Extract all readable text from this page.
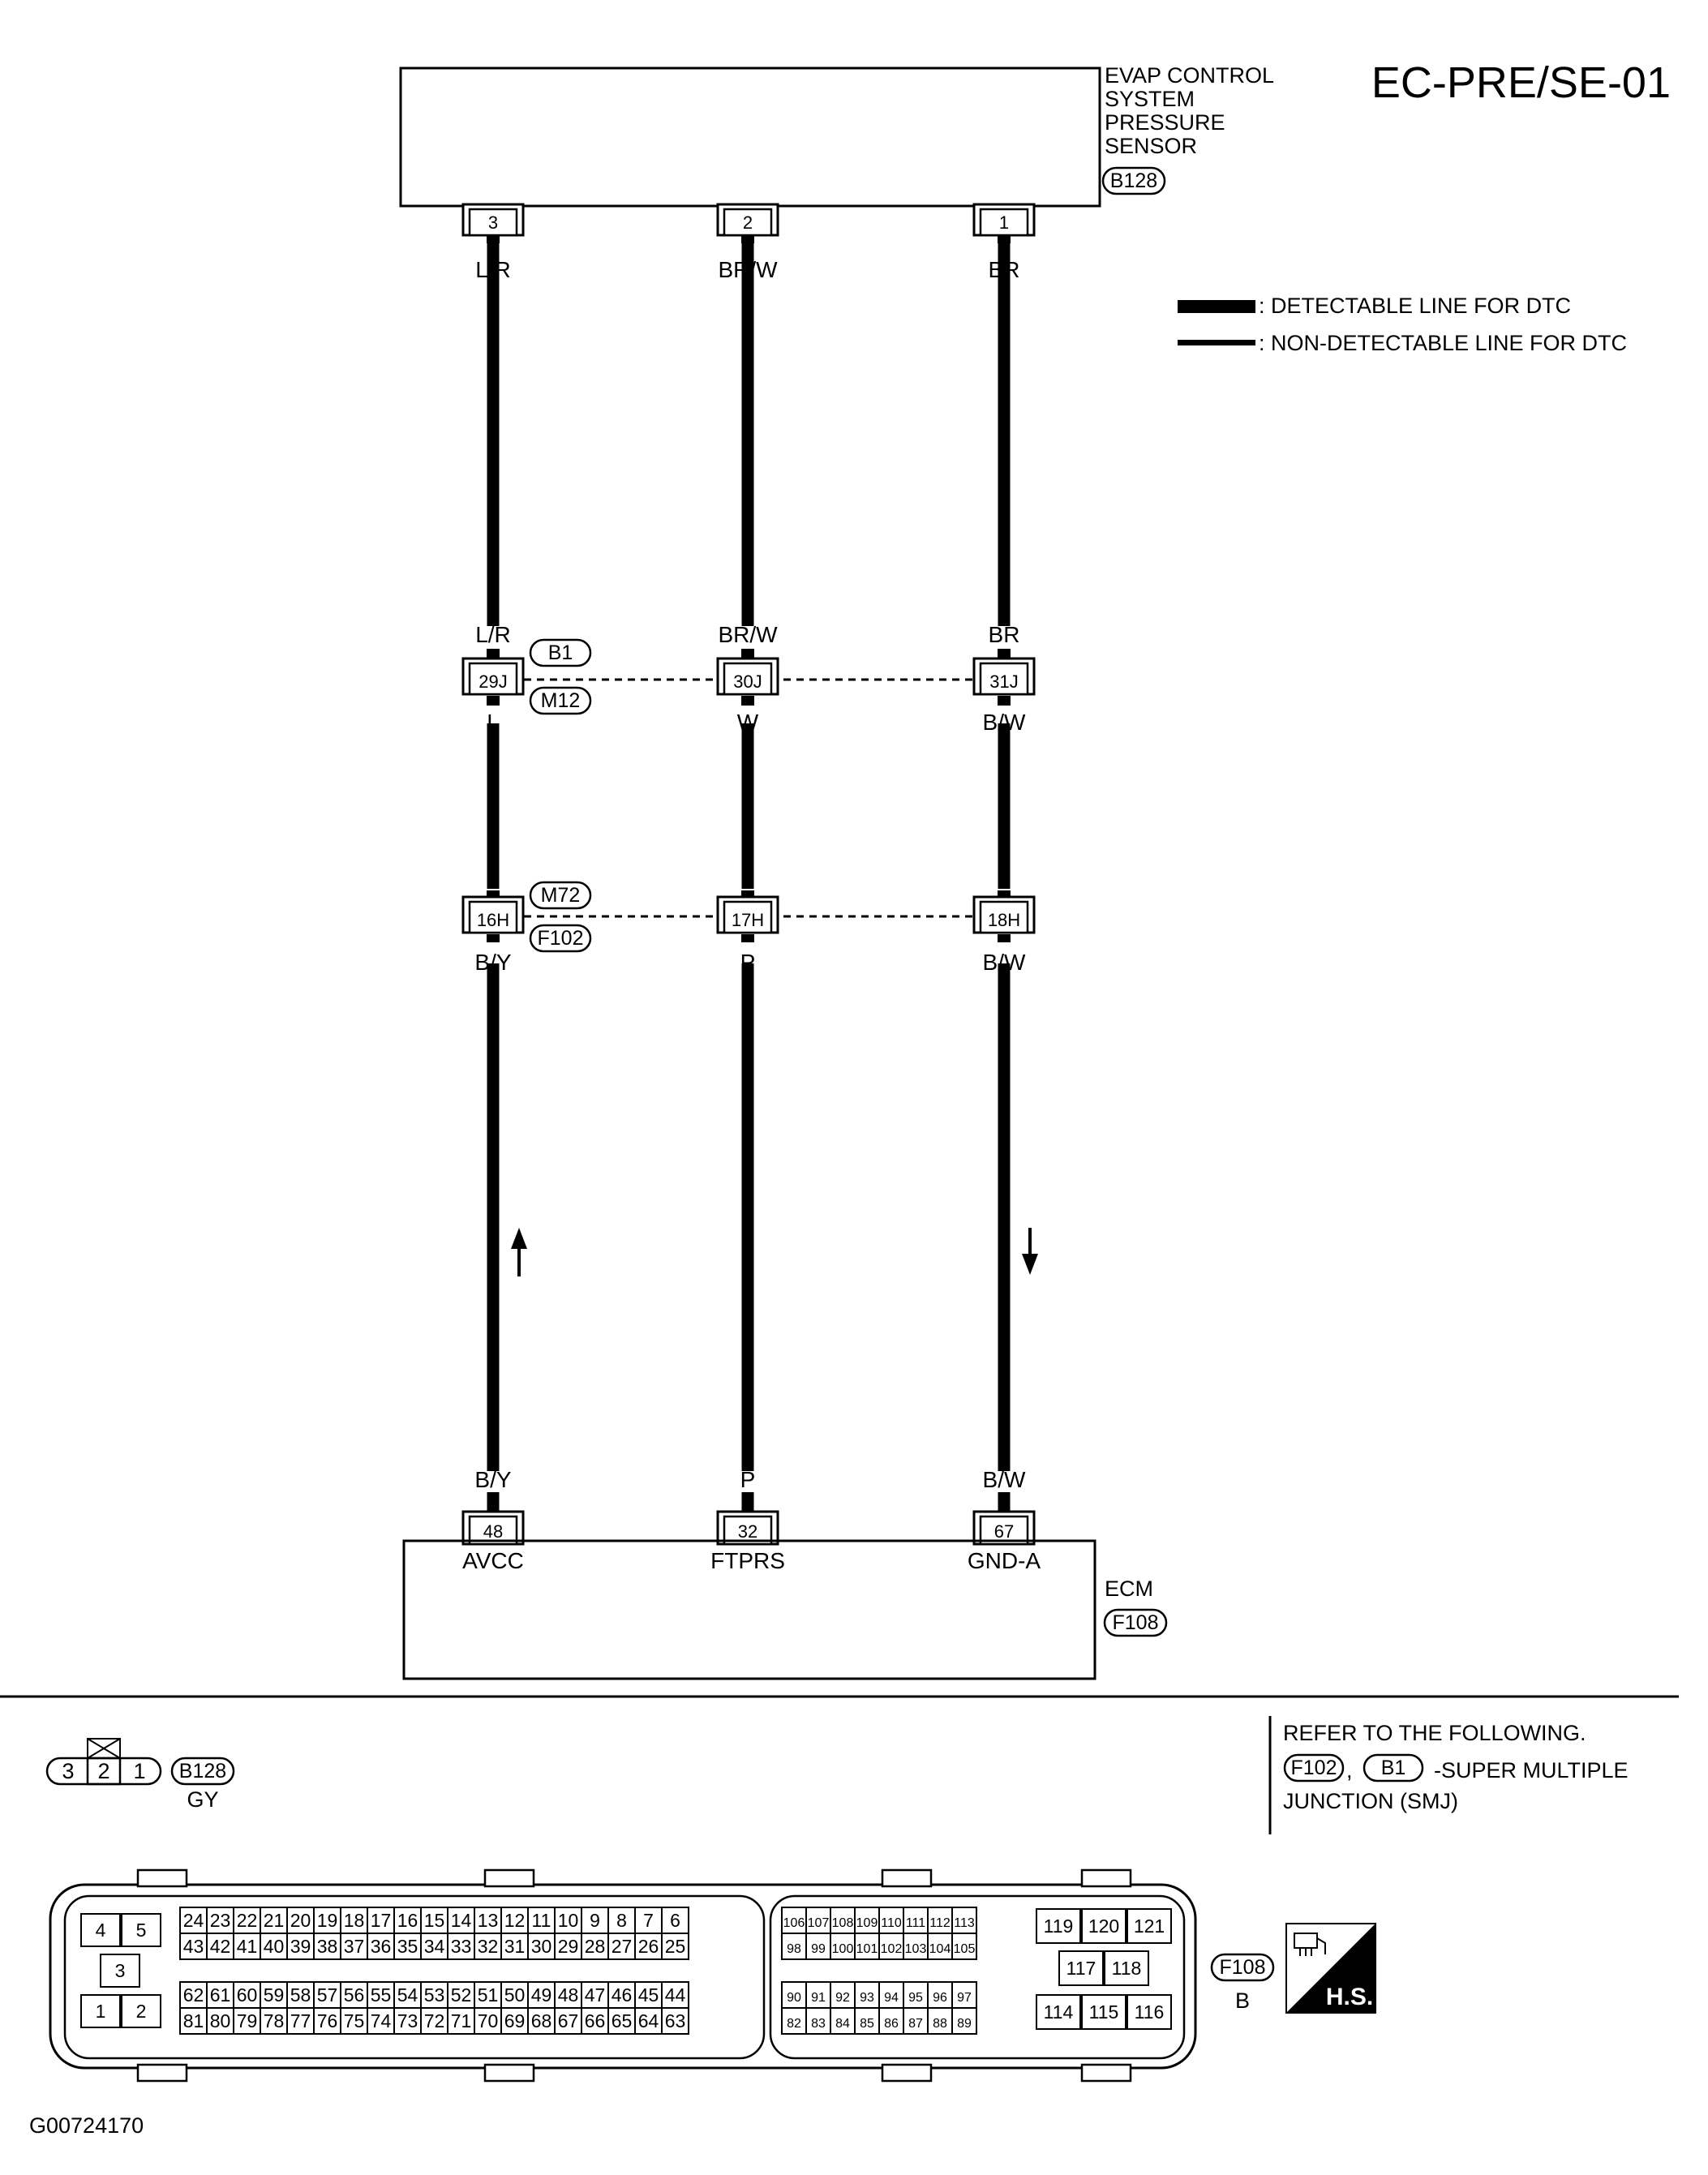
EC-PRE/SE-01
EVAP CONTROL
SYSTEM
PRESSURE
SENSOR
B128
: DETECTABLE LINE FOR DTC
: NON-DETECTABLE LINE FOR DTC
B1
M12
M72
F102
3
L/R
L/R
29J
L
16H
B/Y
B/Y
48
AVCC
2
BR/W
BR/W
30J
W
17H
P
P
32
FTPRS
1
BR
BR
31J
B/W
18H
B/W
B/W
67
GND-A
ECM
F108
3 2 1 B128
GY
REFER TO THE FOLLOWING.
F102 , B1 -SUPER MULTIPLE
JUNCTION (SMJ)
4 5
3
1 2
24 23 22 21 20 19 18 17 16 15 14 13 12 11 10 9 8 7 6
43 42 41 40 39 38 37 36 35 34 33 32 31 30 29 28 27 26 25
62 61 60 59 58 57 56 55 54 53 52 51 50 49 48 47 46 45 44
81 80 79 78 77 76 75 74 73 72 71 70 69 68 67 66 65 64 63
106 107 108 109 110 111 112 113
98 99 100 101 102 103 104 105
90 91 92 93 94 95 96 97
82 83 84 85 86 87 88 89
119 120 121
117 118
114 115 116
F108
B	H.S.
G00724170
